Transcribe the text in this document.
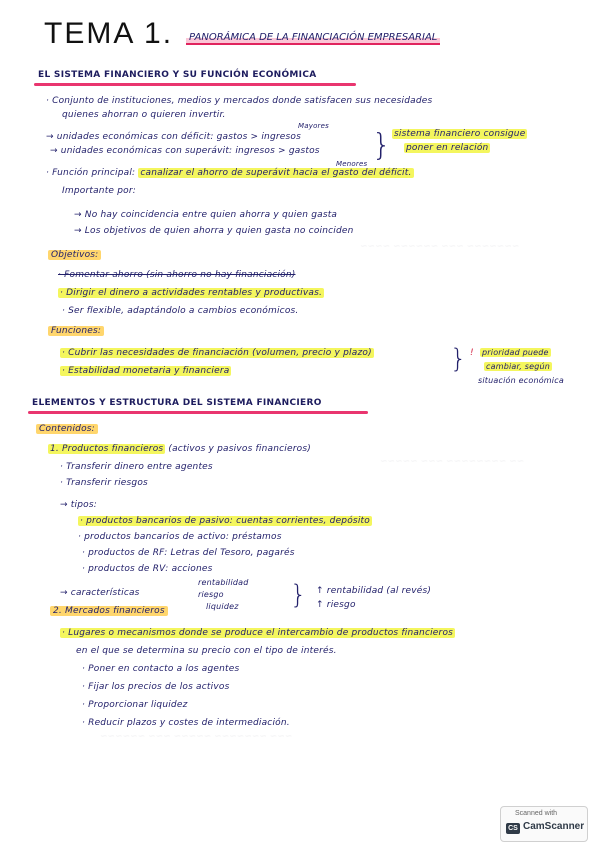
~~~~ ~~~~~~ ~~~ ~~~~~~~
~~~~~ ~~~ ~~~~~~~~ ~~
~~~~~~ ~~~ ~~~~~ ~~~~~~~ ~~~
TEMA 1.	PANORÁMICA DE LA FINANCIACIÓN EMPRESARIAL
EL SISTEMA FINANCIERO Y SU FUNCIÓN ECONÓMICA
· Conjunto de instituciones, medios y mercados donde satisfacen sus necesidades
quienes ahorran o quieren invertir.
Mayores
→ unidades económicas con déficit: gastos > ingresos
→ unidades económicas con superávit: ingresos > gastos
Menores
} sistema financiero consigue
poner en relación
· Función principal: canalizar el ahorro de superávit hacia el gasto del déficit.
Importante por:
→ No hay coincidencia entre quien ahorra y quien gasta
→ Los objetivos de quien ahorra y quien gasta no coinciden
Objetivos:
· Fomentar ahorro (sin ahorro no hay financiación)
· Dirigir el dinero a actividades rentables y productivas.
· Ser flexible, adaptándolo a cambios económicos.
Funciones:
· Cubrir las necesidades de financiación (volumen, precio y plazo)
· Estabilidad monetaria y financiera	} ! prioridad puede
cambiar, según
situación económica
ELEMENTOS Y ESTRUCTURA DEL SISTEMA FINANCIERO
Contenidos:
1. Productos financieros (activos y pasivos financieros)
· Transferir dinero entre agentes
· Transferir riesgos
→ tipos:
· productos bancarios de pasivo: cuentas corrientes, depósito
· productos bancarios de activo: préstamos
· productos de RF: Letras del Tesoro, pagarés
· productos de RV: acciones
→ características
rentabilidad
riesgo
liquidez } ↑ rentabilidad (al revés)
↑ riesgo
2. Mercados financieros
· Lugares o mecanismos donde se produce el intercambio de productos financieros
en el que se determina su precio con el tipo de interés.
· Poner en contacto a los agentes
· Fijar los precios de los activos
· Proporcionar liquidez
· Reducir plazos y costes de intermediación.
Scanned with
CS CamScanner
